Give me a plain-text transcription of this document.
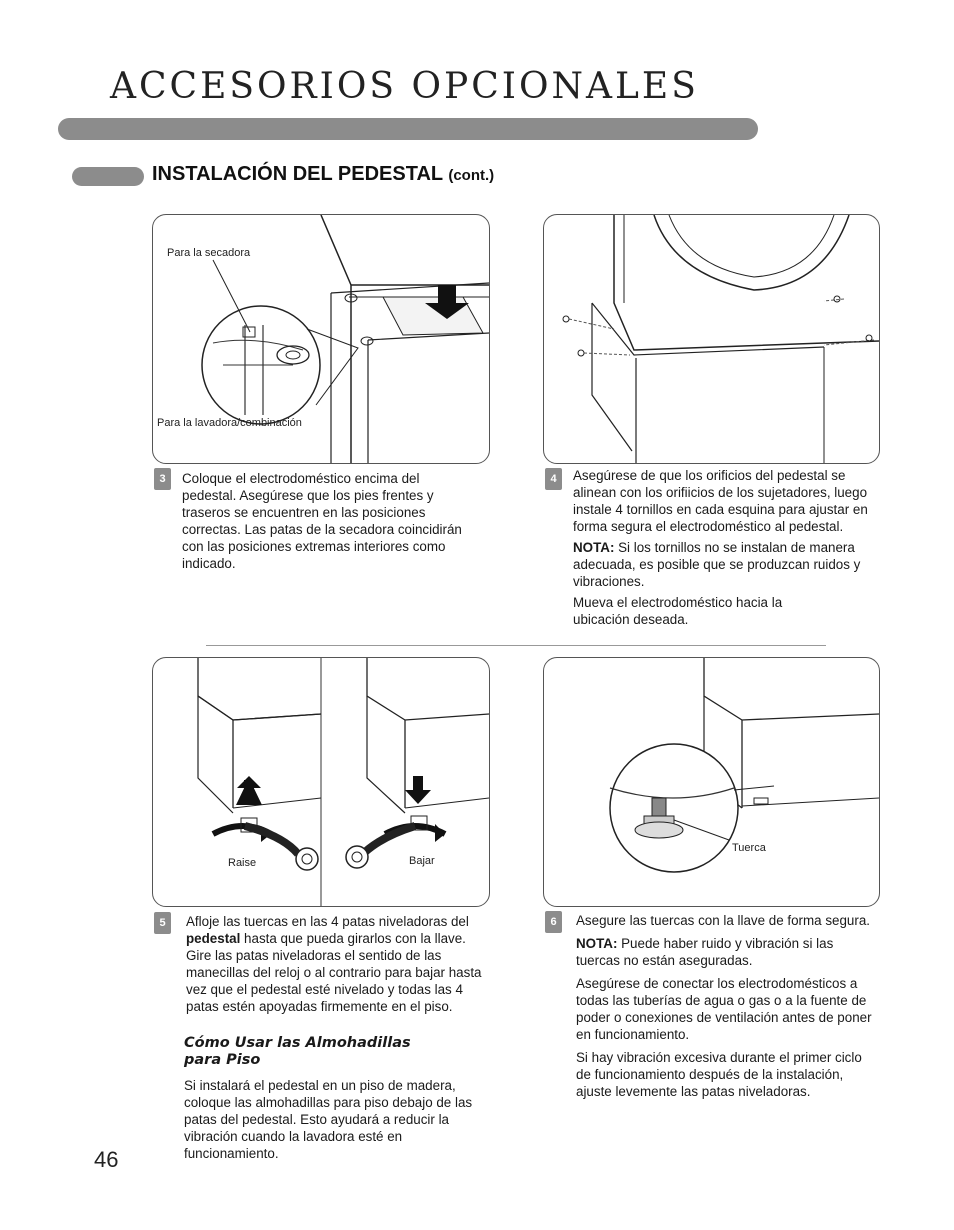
ACCESORIOS OPCIONALES
INSTALACIÓN DEL PEDESTAL (cont.)
Para la secadora
Para la lavadora/combinación
3	Coloque el electrodoméstico encima del pedestal. Asegúrese que los pies frentes y traseros se encuentren en las posiciones correctas. Las patas de la secadora coincidirán con las posiciones extremas interiores como indicado.

4	Asegúrese de que los orificios del pedestal se alinean con los orifiicios de los sujetadores, luego instale 4 tornillos en cada esquina para ajustar en forma segura el electrodoméstico al pedestal.

NOTA: Si los tornillos no se instalan de manera adecuada, es posible que se produzcan ruidos y vibraciones.

Mueva el electrodoméstico hacia la ubicación deseada.

Raise	Bajar
Tuerca
5	Afloje las tuercas en las 4 patas niveladoras del pedestal hasta que pueda girarlos con la llave. Gire las patas niveladoras el sentido de las manecillas del reloj o al contrario para bajar hasta vez que el pedestal esté nivelado y todas las 4 patas estén apoyadas firmemente en el piso.

Cómo Usar las Almohadillas para Piso

Si instalará el pedestal en un piso de madera, coloque las almohadillas para piso debajo de las patas del pedestal. Esto ayudará a reducir la vibración cuando la lavadora esté en funcionamiento.

6	Asegure las tuercas con la llave de forma segura.

NOTA: Puede haber ruido y vibración si las tuercas no están aseguradas.

Asegúrese de conectar los electrodomésticos a todas las tuberías de agua o gas o a la fuente de poder o conexiones de ventilación antes de poner en funcionamiento.

Si hay vibración excesiva durante el primer ciclo de funcionamiento después de la instalación, ajuste levemente las patas niveladoras.

46
